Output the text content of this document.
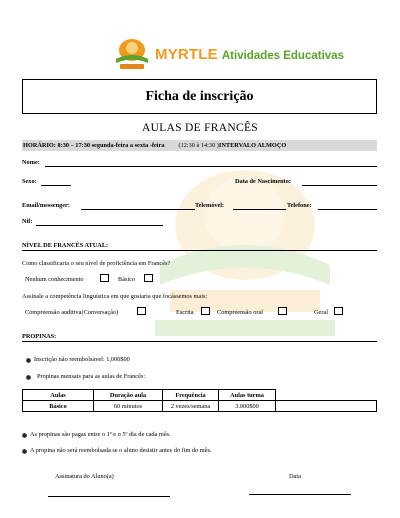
MYRTLE Atividades Educativas
Ficha de inscrição
AULAS DE FRANCÊS
HORÁRIO: 8:30 – 17:30
segunda-feira a sexta -feira (12:30 à 14:30 ) INTERVALO ALMOÇO
Nome:
Sexo:	Data de Nascimento:
Email/messenger:	Telemóvel:	Telefone:
Nif:
NÍVEL DE FRANCÊS ATUAL:
Como classificaria o seu nível de proficiência em Francês?
Nenhum conhecimento	Básico
Assinale a competência linguística em que gostaria que focássemos mais:
Compreensão auditiva(Conversação)	Escrita	Compreensão oral	Geral
PROPINAS:
Inscrição não reembolsável: 1,000$00
Propinas mensais para as aulas de Francês:
Aulas	Duração aula	Frequência	Aulas turma	
Básico	60 minutos	2 vezes/semana	3.000$00	
As propinas são pagas entre o 1º e o 5º dia de cada mês.
A propina não será reembolsada se o aluno desistir antes do fim do mês.
Assinatura do Aluno(a)	Data
